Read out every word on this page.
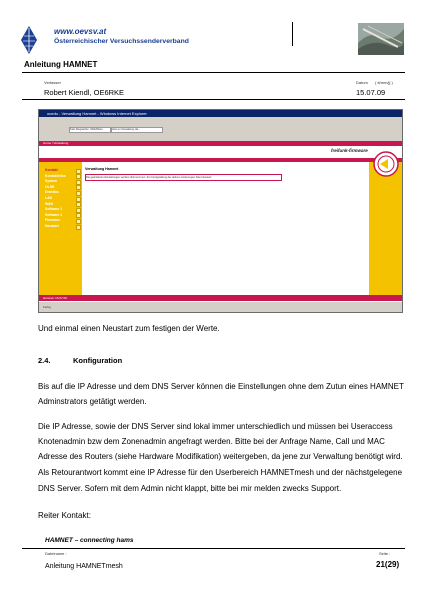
www.oevsv.at
Österreichischer Versuchssenderverband
Anleitung HAMNET
Verfasser	Datum ( tt/mm/jj )
Robert Kiendl, OE6RKE	15.07.09
ocedu - Verwaltung Hamnet - Windows Internet Explorer
Fast Wegwerfen: OE6ADtoo	Hort en Verwaltung Ha...
Home / Verwaltung
freifunk-firmware
Kontakt
Kontaktinfos
System
OLSR
Drahtlos
LAN
WAN
Software 1
Software 2
Firmware
Neustart
Verwaltung Hamnet
Die geänderten Einstellungen werden übernommen. Zur Fertigstellung der aktiven Änderungen bitte Neustart
Hamnet: 15.07.09
Fertig
Und einmal einen Neustart zum festigen der Werte.
2.4.	Konfiguration
Bis auf die IP Adresse und dem DNS Server können die Einstellungen ohne dem Zutun eines HAMNET
Adminstrators getätigt werden.
Die IP Adresse, sowie der DNS Server sind lokal immer unterschiedlich und müssen bei Useraccess
Knotenadmin bzw dem Zonenadmin angefragt werden. Bitte bei der Anfrage Name, Call und MAC
Adresse des Routers (siehe Hardware Modifikation) weitergeben, da jene zur Verwaltung benötigt wird.
Als Retourantwort kommt eine IP Adresse für den Userbereich HAMNETmesh und der nächstgelegene
DNS Server. Sofern mit dem Admin nicht klappt, bitte bei mir melden zwecks Support.
Reiter Kontakt:
HAMNET – connecting hams
Dateiname :	Seite :
Anleitung HAMNETmesh	21(29)
